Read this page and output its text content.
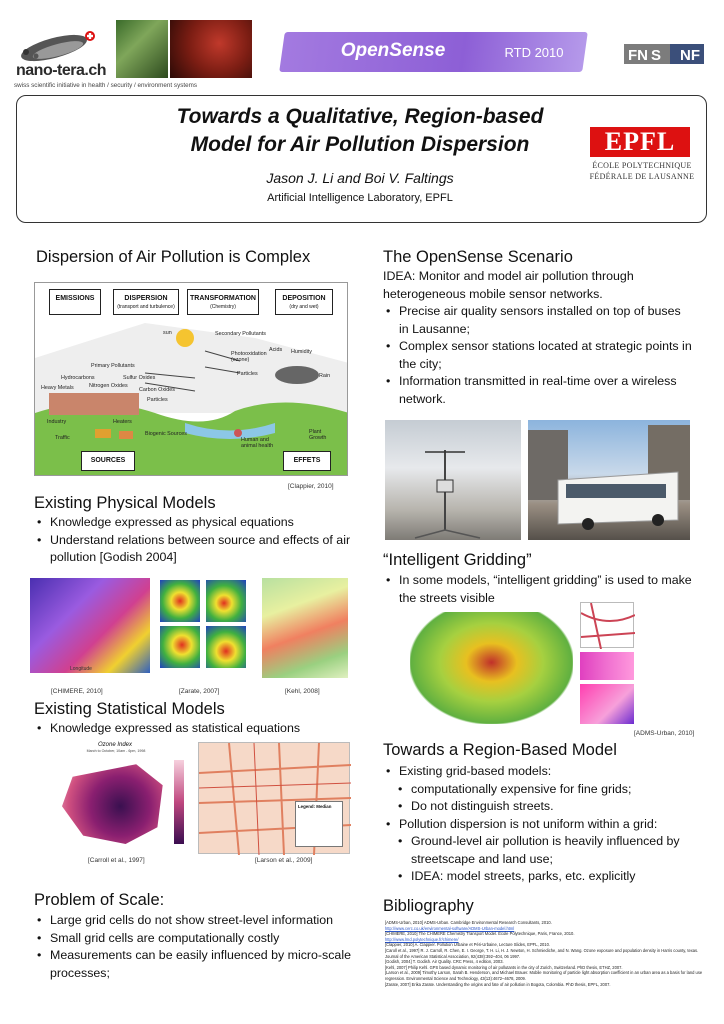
nano-tera.ch
swiss scientific initiative in health / security / environment systems
OpenSense	RTD 2010	FN S NF
Towards a Qualitative, Region-based
Model for Air Pollution Dispersion
Jason J. Li and Boi V. Faltings
Artificial Intelligence Laboratory, EPFL
EPFL
ÉCOLE POLYTECHNIQUE
FÉDÉRALE DE LAUSANNE
Dispersion of Air Pollution is Complex
EMISSIONS	DISPERSION
(transport and turbulence)
TRANSFORMATION
(Chemistry)
DEPOSITION
(dry and wet)
SOURCES	EFFETS
sun	Secondary Pollutants
Photooxidation (ozone)
Acids Humidity
Primary Pollutants
Sulfur Oxides
Hydrocarbons
Nitrogen Oxides
Carbon Oxides
Heavy Metals
Particles
Particles	Rain
Industry	Heaters
Traffic
Biogenic Sources
Human and animal health
Plant Growth
[Clappier, 2010]
Existing Physical Models
• Knowledge expressed as physical equations
• Understand relations between source and effects of air pollution [Godish 2004]
Longitude
[CHIMERE, 2010]	[Zarate, 2007]	[Kehl, 2008]
Existing Statistical Models
• Knowledge expressed as statistical equations
Ozone Index
March to October, 10am - 6pm, 1998
[Carroll et al., 1997]
Legend: Median
[Larson et al., 2009]
Problem of Scale:
• Large grid cells do not show street-level information
• Small grid cells are computationally costly
• Measurements can be easily influenced by micro-scale processes;
The OpenSense Scenario
IDEA: Monitor and model air pollution through heterogeneous mobile sensor networks.
• Precise air quality sensors installed on top of buses in Lausanne;
• Complex sensor stations located at strategic points in the city;
• Information transmitted in real-time over a wireless network.
“Intelligent Gridding”
• In some models, “intelligent gridding” is used to make the streets visible
[ADMS-Urban, 2010]
Towards a Region-Based Model
• Existing grid-based models:
• computationally expensive for fine grids;
• Do not distinguish streets.
• Pollution dispersion is not uniform within a grid:
• Ground-level air pollution is heavily influenced by streetscape and land use;
• IDEA: model streets, parks, etc. explicitly
Bibliography
[ADMS-Urban, 2010] ADMS-Urban. Cambridge Environmental Research Consultants, 2010.
http://www.cerc.co.uk/environmental-software/ADMS-Urban-model.html
[CHIMERE, 2010] The CHIMERE Chemistry Transport Model. École Polytechnique, Paris, France, 2010.
http://www.lmd.polytechnique.fr/chimere/
[Clappier, 2010] A. Clappier. Pollution Urbaine et Péri-Urbaine, Lecture Slides, EPFL, 2010.
[Caroll et al., 1997] R. J. Carroll, R. Chen, E. I. George, T. H. Li, H. J. Newton, H. Schmiediche, and N. Wang. Ozone exposure and population density in Harris county, texas. Journal of the American Statistical Association, 92(438):392–404, 06 1997.
[Godish, 2004] T. Godish. Air Quality. CRC Press, 4 edition, 2003.
[Kehl, 2007] Philip Kehl. GPS based dynamic monitoring of air pollutants in the city of Zurich, Switzerland. PhD thesis, ETHZ, 2007.
[Larson et al., 2009] Timothy Larson, Sarah B. Henderson, and Michael Brauer. Mobile monitoring of particle light absorption coefficient in an urban area as a basis for land use regression. Environmental Science and Technology, 43(13):4672–4678, 2009.
[Zarate, 2007] Erika Zarate. Understanding the origins and fate of air pollution in Bogota, Colombia. PhD thesis, EPFL, 2007.
